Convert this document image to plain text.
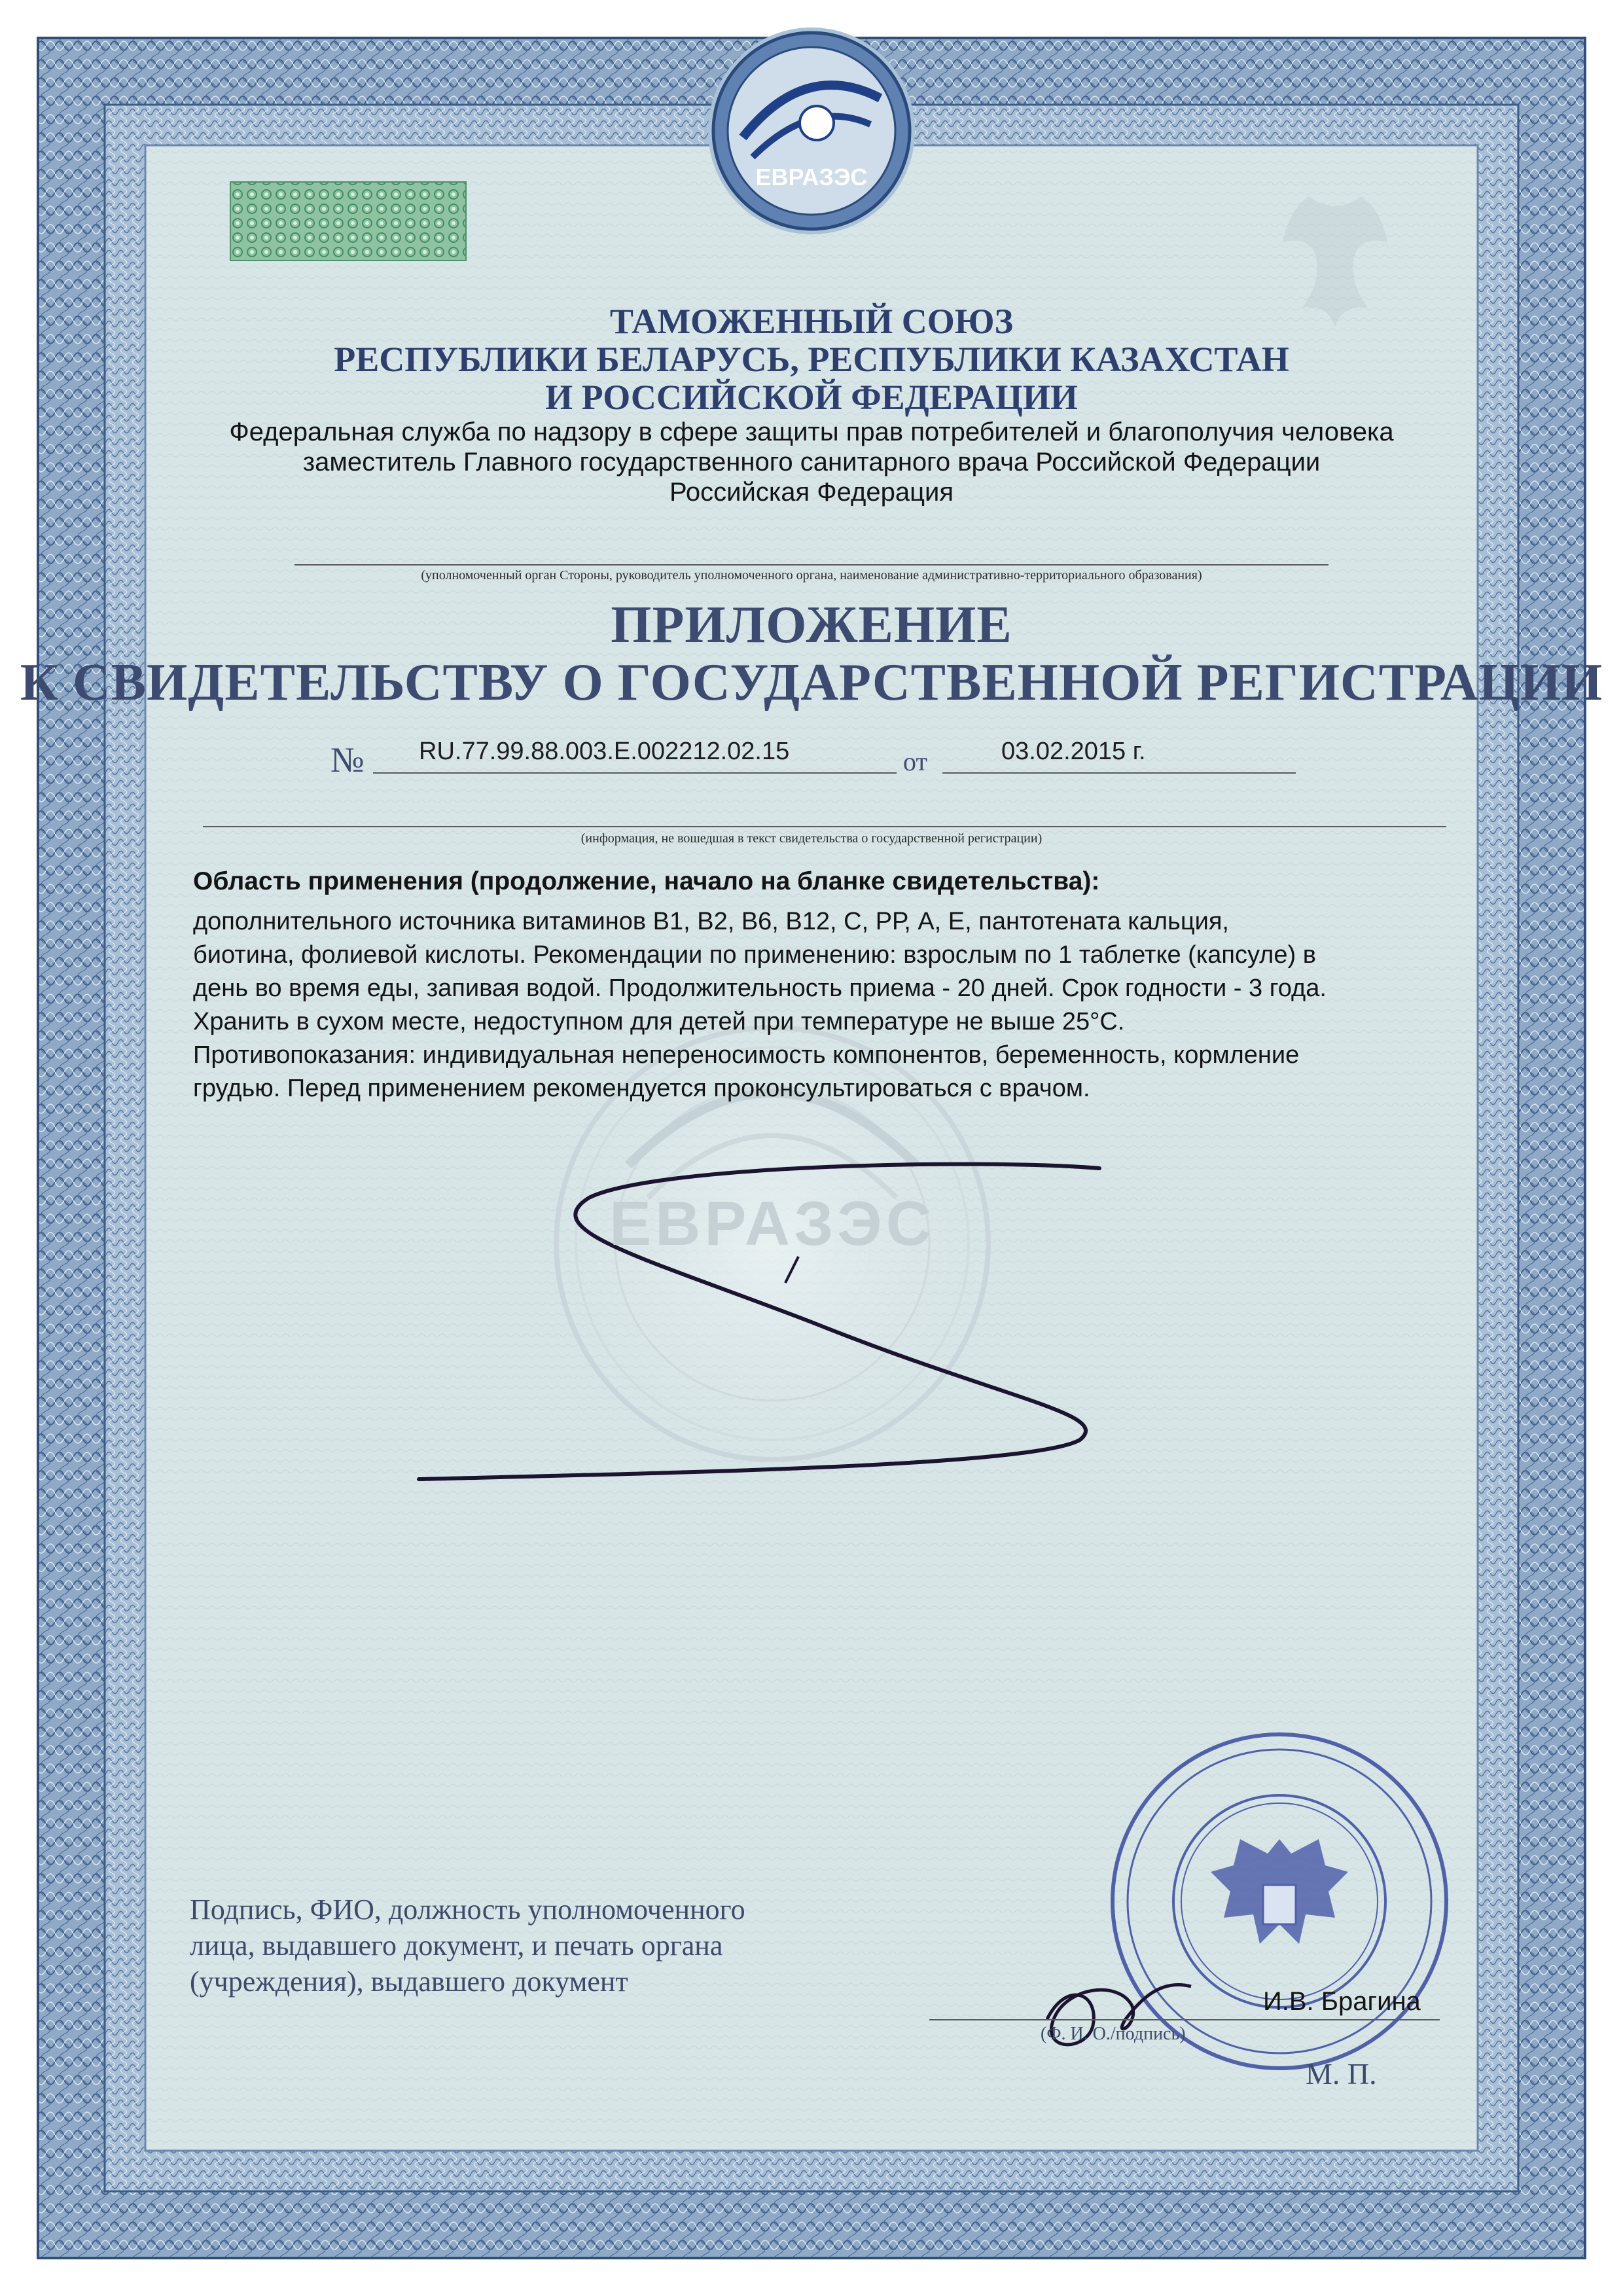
ЕВРАЗЭС
ЕВРАЗЭС
ТАМОЖЕННЫЙ СОЮЗ
РЕСПУБЛИКИ БЕЛАРУСЬ, РЕСПУБЛИКИ КАЗАХСТАН
И РОССИЙСКОЙ ФЕДЕРАЦИИ
Федеральная служба по надзору в сфере защиты прав потребителей и благополучия человека
заместитель Главного государственного санитарного врача Российской Федерации
Российская Федерация
(уполномоченный орган Стороны, руководитель уполномоченного органа, наименование административно-территориального образования)
ПРИЛОЖЕНИЕ
К СВИДЕТЕЛЬСТВУ О ГОСУДАРСТВЕННОЙ РЕГИСТРАЦИИ
№ RU.77.99.88.003.Е.002212.02.15	от	03.02.2015 г.
(информация, не вошедшая в текст свидетельства о государственной регистрации)
Область применения (продолжение, начало на бланке свидетельства):
дополнительного источника витаминов В1, В2, В6, В12, С, РР, А, Е, пантотената кальция,
биотина, фолиевой кислоты. Рекомендации по применению: взрослым по 1 таблетке (капсуле) в
день во время еды, запивая водой. Продолжительность приема - 20 дней. Срок годности - 3 года.
Хранить в сухом месте, недоступном для детей при температуре не выше 25°С.
Противопоказания: индивидуальная непереносимость компонентов, беременность, кормление
грудью. Перед применением рекомендуется проконсультироваться с врачом.
Подпись, ФИО, должность уполномоченного
лица, выдавшего документ, и печать органа
(учреждения), выдавшего документ
И.В. Брагина
(Ф. И. О./подпись)
М. П.
